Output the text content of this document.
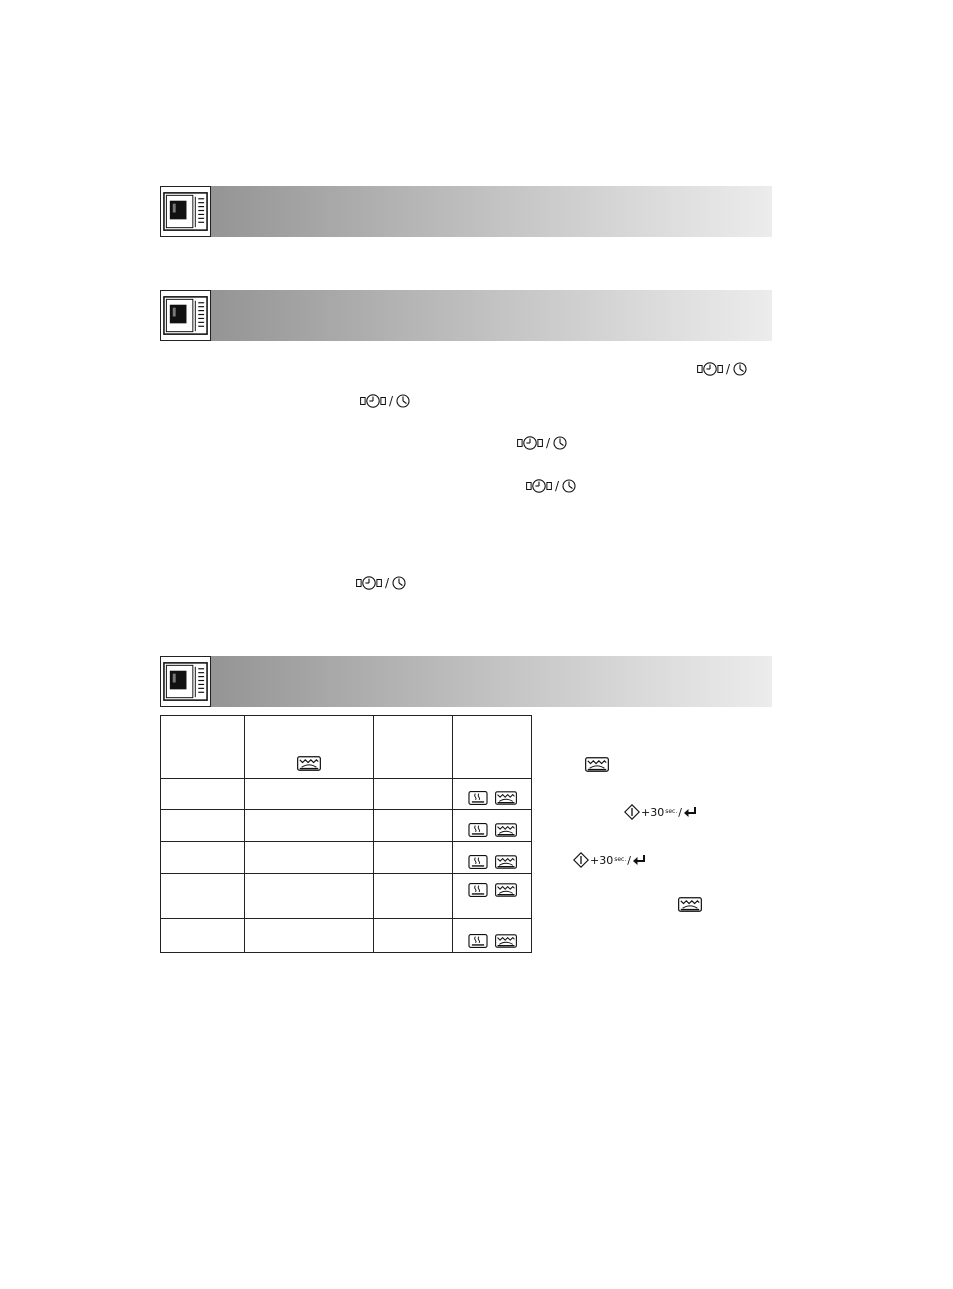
/
/
/
/
/

+30 sec. /
+30 sec. /
